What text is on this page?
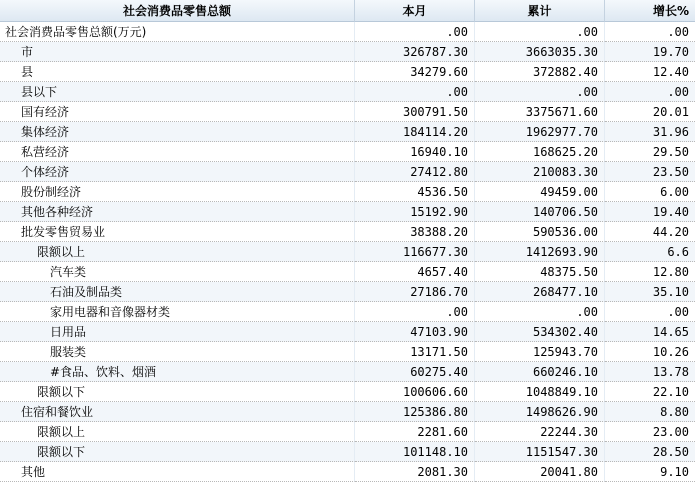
社会消费品零售总额	本月	累计	增长%
社会消费品零售总额(万元)	.00	.00	.00
市	326787.30	3663035.30	19.70
县	34279.60	372882.40	12.40
县以下	.00	.00	.00
国有经济	300791.50	3375671.60	20.01
集体经济	184114.20	1962977.70	31.96
私营经济	16940.10	168625.20	29.50
个体经济	27412.80	210083.30	23.50
股份制经济	4536.50	49459.00	6.00
其他各种经济	15192.90	140706.50	19.40
批发零售贸易业	38388.20	590536.00	44.20
限额以上	116677.30	1412693.90	6.6
汽车类	4657.40	48375.50	12.80
石油及制品类	27186.70	268477.10	35.10
家用电器和音像器材类	.00	.00	.00
日用品	47103.90	534302.40	14.65
服装类	13171.50	125943.70	10.26
#食品、饮料、烟酒	60275.40	660246.10	13.78
限额以下	100606.60	1048849.10	22.10
住宿和餐饮业	125386.80	1498626.90	8.80
限额以上	2281.60	22244.30	23.00
限额以下	101148.10	1151547.30	28.50
其他	2081.30	20041.80	9.10
